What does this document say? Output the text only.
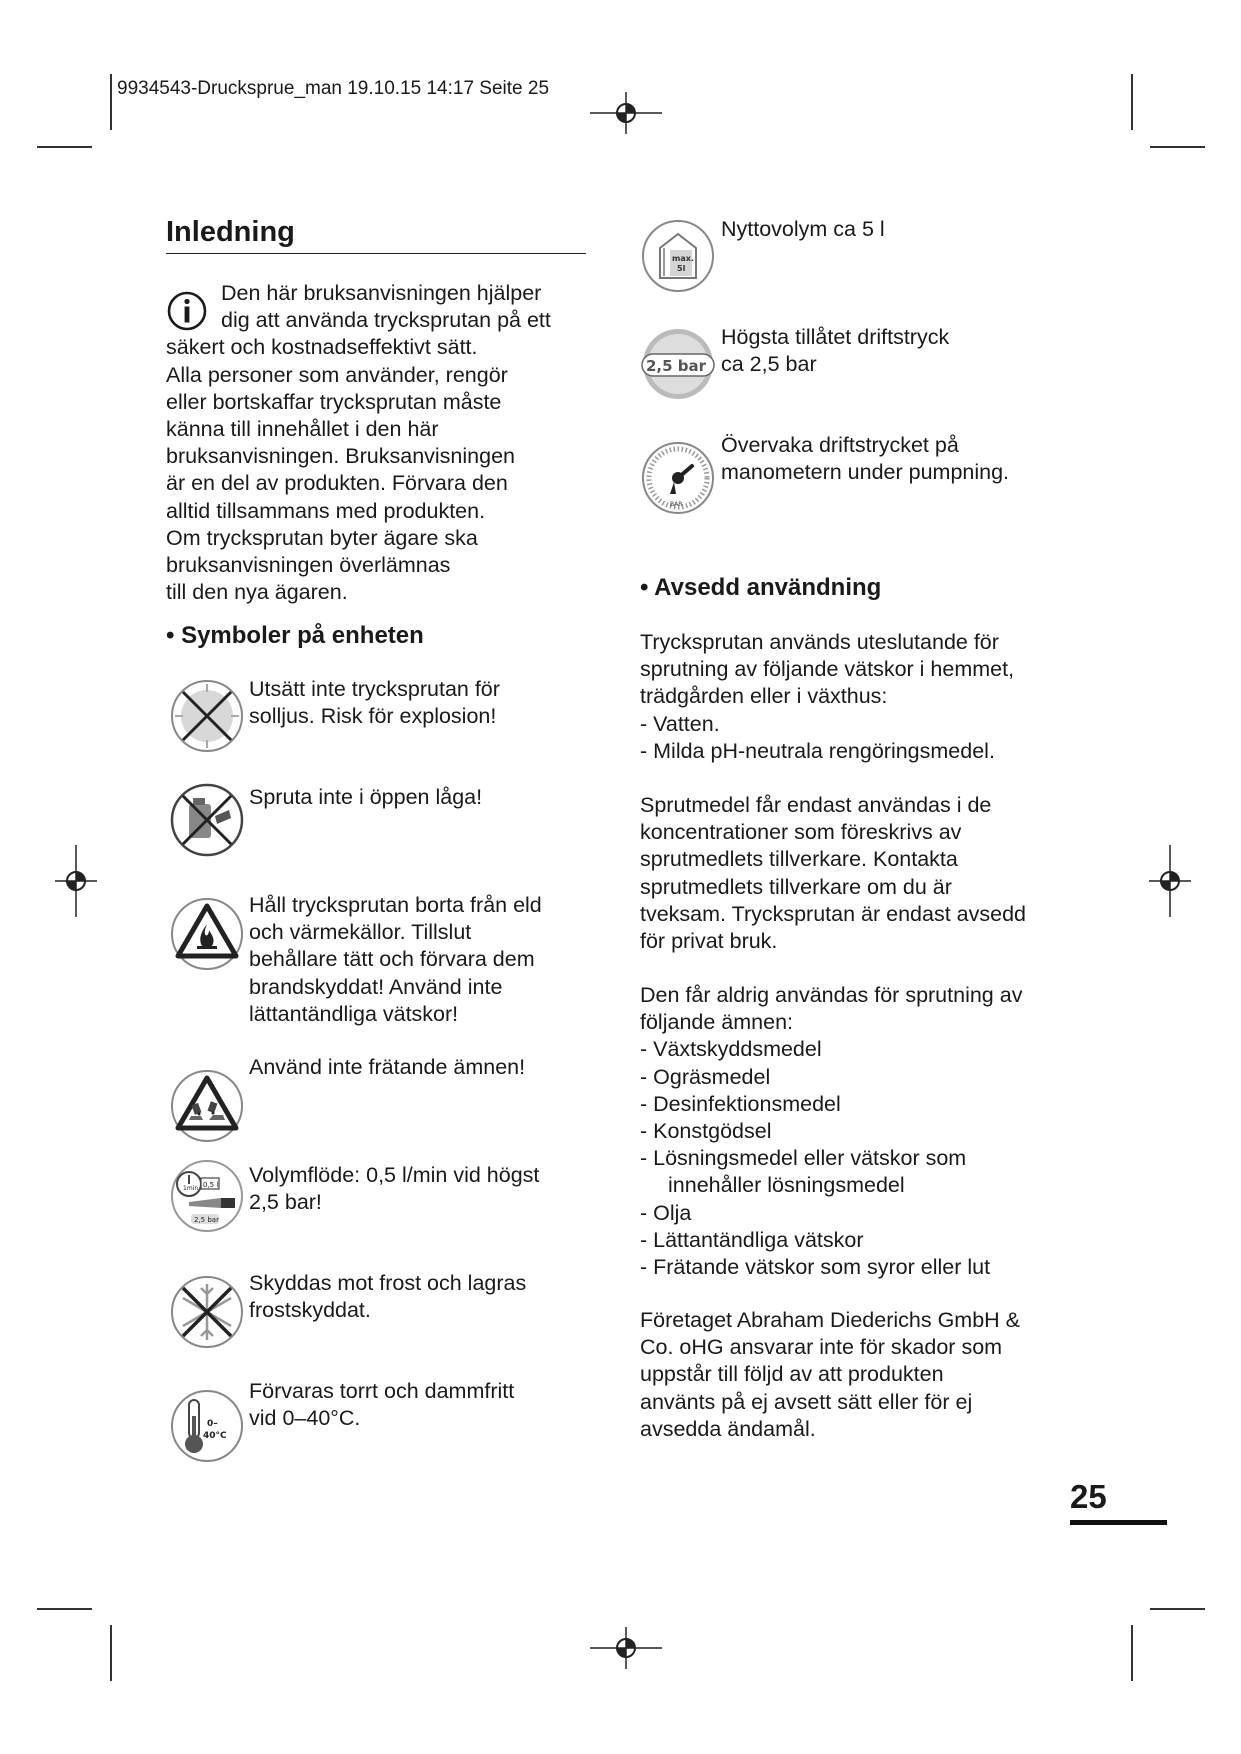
9934543-Drucksprue_man 19.10.15 14:17 Seite 25
Inledning
Den här bruksanvisningen hjälper
dig att använda trycksprutan på ett
säkert och kostnadseffektivt sätt.
Alla personer som använder, rengör
eller bortskaffar trycksprutan måste
känna till innehållet i den här
bruksanvisningen. Bruksanvisningen
är en del av produkten. Förvara den
alltid tillsammans med produkten.
Om trycksprutan byter ägare ska
bruksanvisningen överlämnas
till den nya ägaren.
• Symboler på enheten
Utsätt inte trycksprutan för
solljus. Risk för explosion!
Spruta inte i öppen låga!
Håll trycksprutan borta från eld
och värmekällor. Tillslut
behållare tätt och förvara dem
brandskyddat! Använd inte
lättantändliga vätskor!
Använd inte frätande ämnen!
1min 0,5 l
2,5 bar
Volymflöde: 0,5 l/min vid högst
2,5 bar!
Skyddas mot frost och lagras
frostskyddat.
0–
40°C
Förvaras torrt och dammfritt
vid 0–40°C.
max.
5l
Nyttovolym ca 5 l
2,5 bar
Högsta tillåtet driftstryck
ca 2,5 bar
BAR
Övervaka driftstrycket på
manometern under pumpning.
• Avsedd användning
Trycksprutan används uteslutande för
sprutning av följande vätskor i hemmet,
trädgården eller i växthus:
- Vatten.
- Milda pH-neutrala rengöringsmedel.
Sprutmedel får endast användas i de
koncentrationer som föreskrivs av
sprutmedlets tillverkare. Kontakta
sprutmedlets tillverkare om du är
tveksam. Trycksprutan är endast avsedd
för privat bruk.
Den får aldrig användas för sprutning av
följande ämnen:
- Växtskyddsmedel
- Ogräsmedel
- Desinfektionsmedel
- Konstgödsel
- Lösningsmedel eller vätskor som
innehåller lösningsmedel
- Olja
- Lättantändliga vätskor
- Frätande vätskor som syror eller lut
Företaget Abraham Diederichs GmbH &
Co. oHG ansvarar inte för skador som
uppstår till följd av att produkten
använts på ej avsett sätt eller för ej
avsedda ändamål.
25
